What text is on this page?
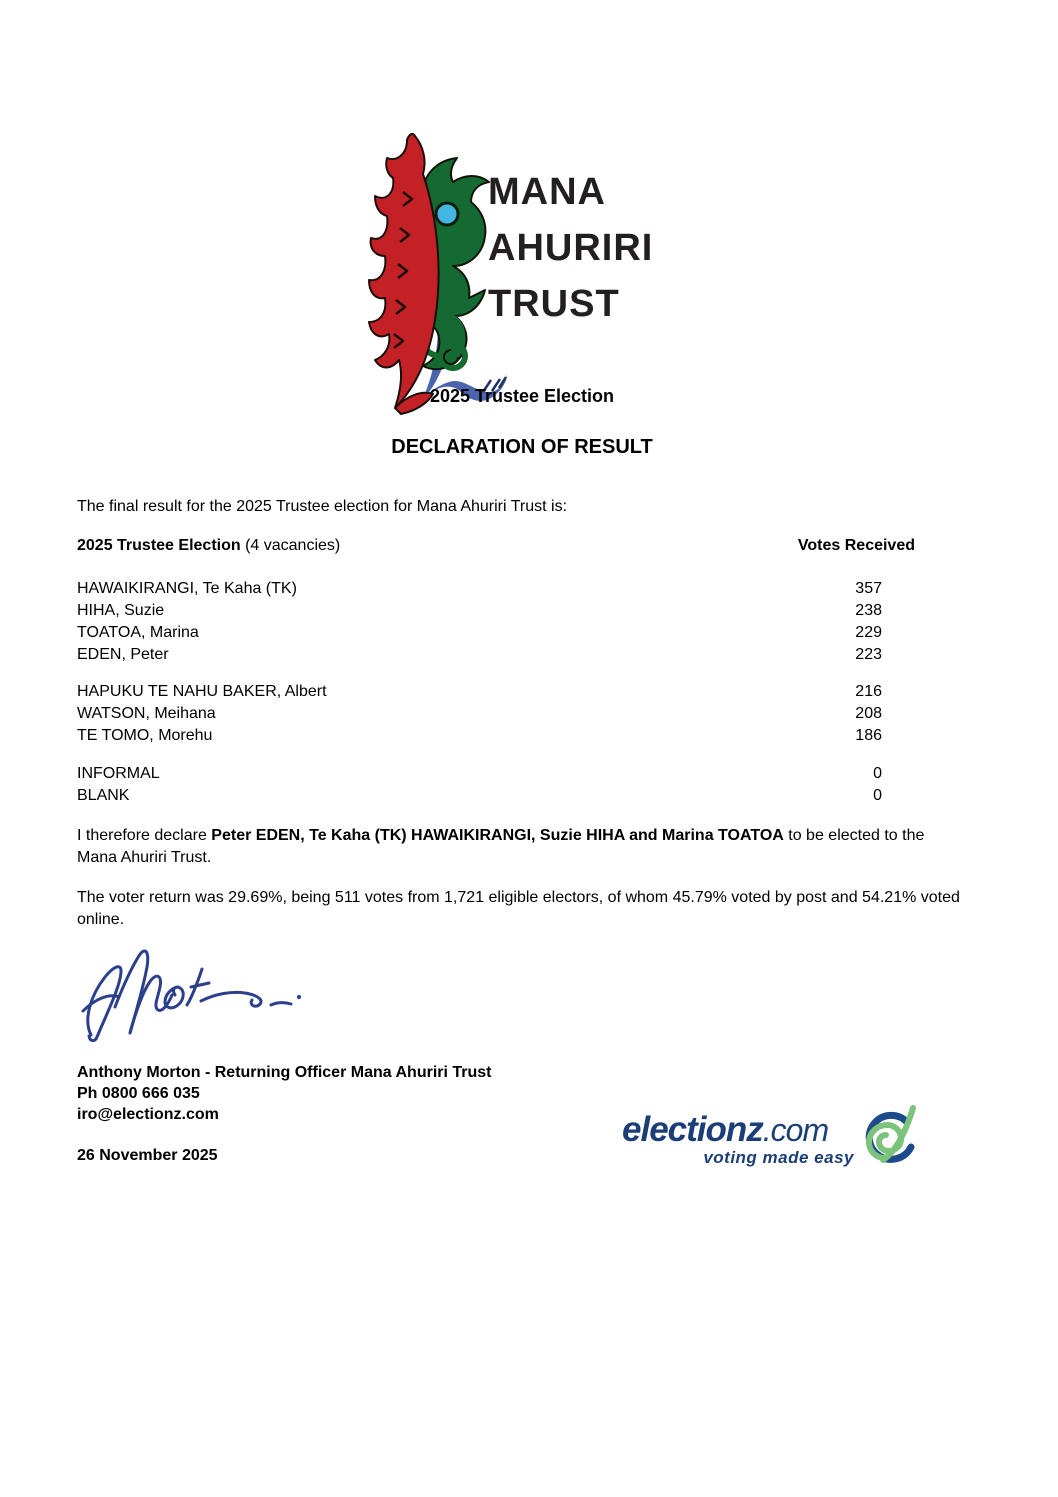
MANA
AHURIRI
TRUST
2025 Trustee Election
DECLARATION OF RESULT

The final result for the 2025 Trustee election for Mana Ahuriri Trust is:

2025 Trustee Election (4 vacancies)	Votes Received
HAWAIKIRANGI, Te Kaha (TK)	357
HIHA, Suzie	238
TOATOA, Marina	229
EDEN, Peter	223
HAPUKU TE NAHU BAKER, Albert	216
WATSON, Meihana	208
TE TOMO, Morehu	186
INFORMAL	0
BLANK	0

I therefore declare Peter EDEN, Te Kaha (TK) HAWAIKIRANGI, Suzie HIHA and Marina TOATOA to be elected to the Mana Ahuriri Trust.

The voter return was 29.69%, being 511 votes from 1,721 eligible electors, of whom 45.79% voted by post and 54.21% voted online.

Anthony Morton - Returning Officer Mana Ahuriri Trust
Ph 0800 666 035
iro@electionz.com
26 November 2025
electionz.com
voting made easy
